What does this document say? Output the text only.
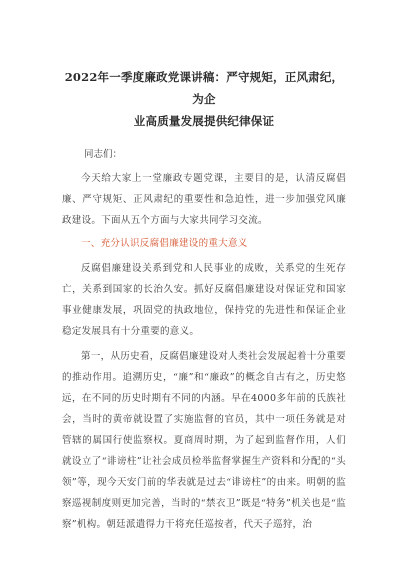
2022年一季度廉政党课讲稿：严守规矩，正风肃纪，为企
业高质量发展提供纪律保证

同志们：

今天给大家上一堂廉政专题党课，主要目的是，认清反腐倡廉、严守规矩、正风肃纪的重要性和急迫性，进一步加强党风廉政建设。下面从五个方面与大家共同学习交流。

一、充分认识反腐倡廉建设的重大意义

反腐倡廉建设关系到党和人民事业的成败，关系党的生死存亡，关系到国家的长治久安。抓好反腐倡廉建设对保证党和国家事业健康发展，巩固党的执政地位，保持党的先进性和保证企业稳定发展具有十分重要的意义。

第一，从历史看，反腐倡廉建设对人类社会发展起着十分重要的推动作用。追溯历史，“廉”和“廉政”的概念自古有之，历史悠远，在不同的历史时期有不同的内涵。早在4000多年前的氏族社会，当时的黄帝就设置了实施监督的官员，其中一项任务就是对管辖的属国行使监察权。夏商周时期，为了起到监督作用，人们就设立了“诽谤柱”让社会成员检举监督掌握生产资料和分配的“头领”等，现今天安门前的华表就是过去“诽谤柱”的由来。明朝的监察巡视制度则更加完善，当时的“禁衣卫”既是“特务”机关也是“监察”机构。朝廷派遣得力干将充任巡按者，代天子巡狩，治
